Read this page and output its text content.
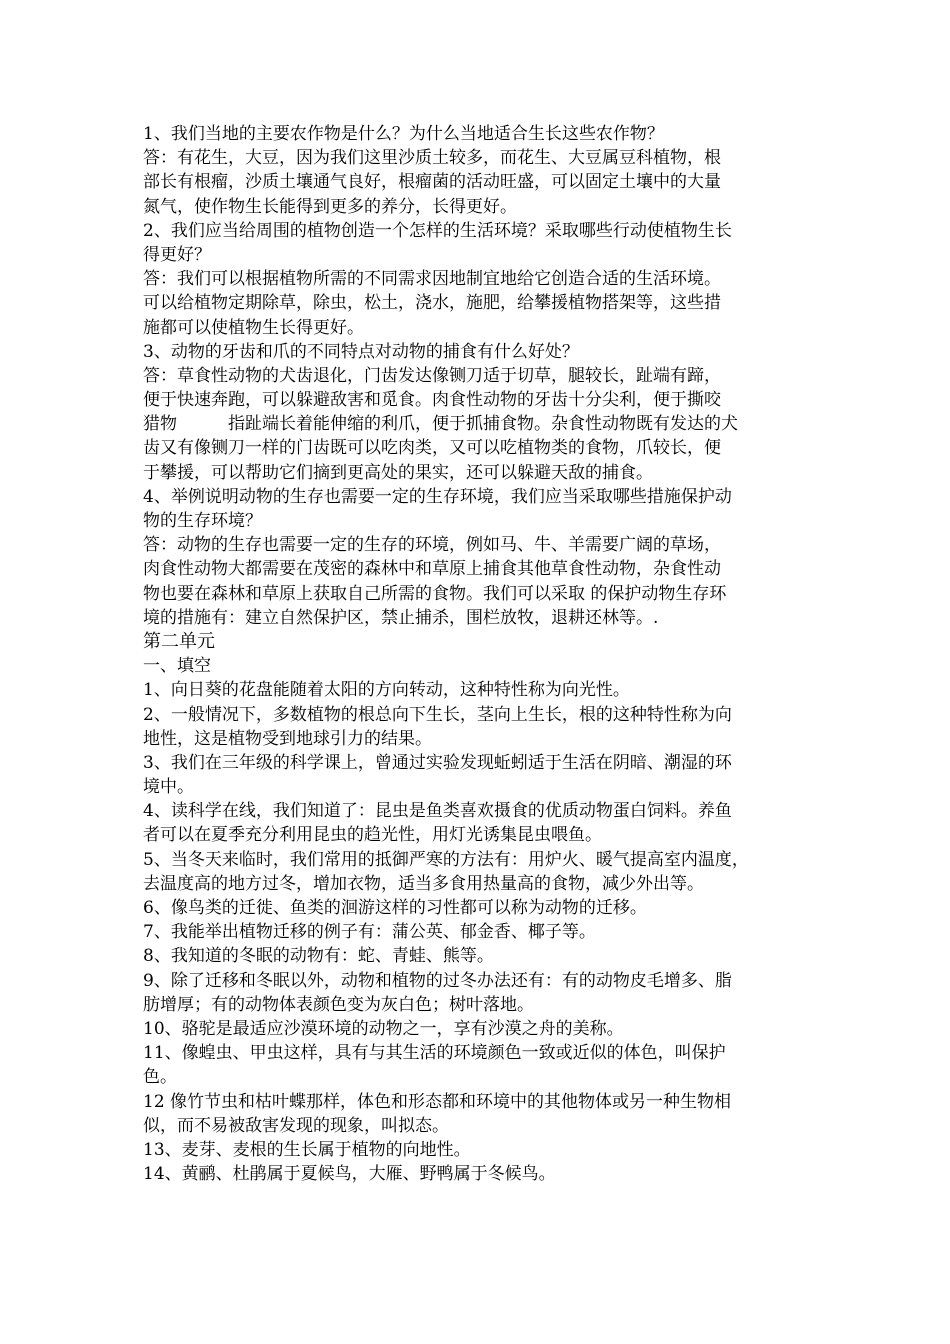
1、我们当地的主要农作物是什么？为什么当地适合生长这些农作物？
答：有花生，大豆，因为我们这里沙质土较多，而花生、大豆属豆科植物，根
部长有根瘤，沙质土壤通气良好，根瘤菌的活动旺盛，可以固定土壤中的大量
氮气，使作物生长能得到更多的养分，长得更好。
2、我们应当给周围的植物创造一个怎样的生活环境？采取哪些行动使植物生长
得更好？
答：我们可以根据植物所需的不同需求因地制宜地给它创造合适的生活环境。
可以给植物定期除草，除虫，松土，浇水，施肥，给攀援植物搭架等，这些措
施都可以使植物生长得更好。
3、动物的牙齿和爪的不同特点对动物的捕食有什么好处？
答：草食性动物的犬齿退化，门齿发达像铡刀适于切草，腿较长，趾端有蹄，
便于快速奔跑，可以躲避敌害和觅食。肉食性动物的牙齿十分尖利，便于撕咬
猎物　　　指趾端长着能伸缩的利爪，便于抓捕食物。杂食性动物既有发达的犬
齿又有像铡刀一样的门齿既可以吃肉类，又可以吃植物类的食物，爪较长，便
于攀援，可以帮助它们摘到更高处的果实，还可以躲避天敌的捕食。
4、举例说明动物的生存也需要一定的生存环境，我们应当采取哪些措施保护动
物的生存环境？
答：动物的生存也需要一定的生存的环境，例如马、牛、羊需要广阔的草场，
肉食性动物大都需要在茂密的森林中和草原上捕食其他草食性动物，杂食性动
物也要在森林和草原上获取自己所需的食物。我们可以采取 的保护动物生存环
境的措施有：建立自然保护区，禁止捕杀，围栏放牧，退耕还林等。.
第二单元
一、填空
1、向日葵的花盘能随着太阳的方向转动，这种特性称为向光性。
2、一般情况下，多数植物的根总向下生长，茎向上生长，根的这种特性称为向
地性，这是植物受到地球引力的结果。
3、我们在三年级的科学课上，曾通过实验发现蚯蚓适于生活在阴暗、潮湿的环
境中。
4、读科学在线，我们知道了：昆虫是鱼类喜欢摄食的优质动物蛋白饲料。养鱼
者可以在夏季充分利用昆虫的趋光性，用灯光诱集昆虫喂鱼。
5、当冬天来临时，我们常用的抵御严寒的方法有：用炉火、暖气提高室内温度，
去温度高的地方过冬，增加衣物，适当多食用热量高的食物，减少外出等。
6、像鸟类的迁徙、鱼类的洄游这样的习性都可以称为动物的迁移。
7、我能举出植物迁移的例子有：蒲公英、郁金香、椰子等。
8、我知道的冬眠的动物有：蛇、青蛙、熊等。
9、除了迁移和冬眠以外，动物和植物的过冬办法还有：有的动物皮毛增多、脂
肪增厚；有的动物体表颜色变为灰白色；树叶落地。
10、骆驼是最适应沙漠环境的动物之一，享有沙漠之舟的美称。
11、像蝗虫、甲虫这样，具有与其生活的环境颜色一致或近似的体色，叫保护
色。
12 像竹节虫和枯叶蝶那样，体色和形态都和环境中的其他物体或另一种生物相
似，而不易被敌害发现的现象，叫拟态。
13、麦芽、麦根的生长属于植物的向地性。
14、黄鹂、杜鹃属于夏候鸟，大雁、野鸭属于冬候鸟。
